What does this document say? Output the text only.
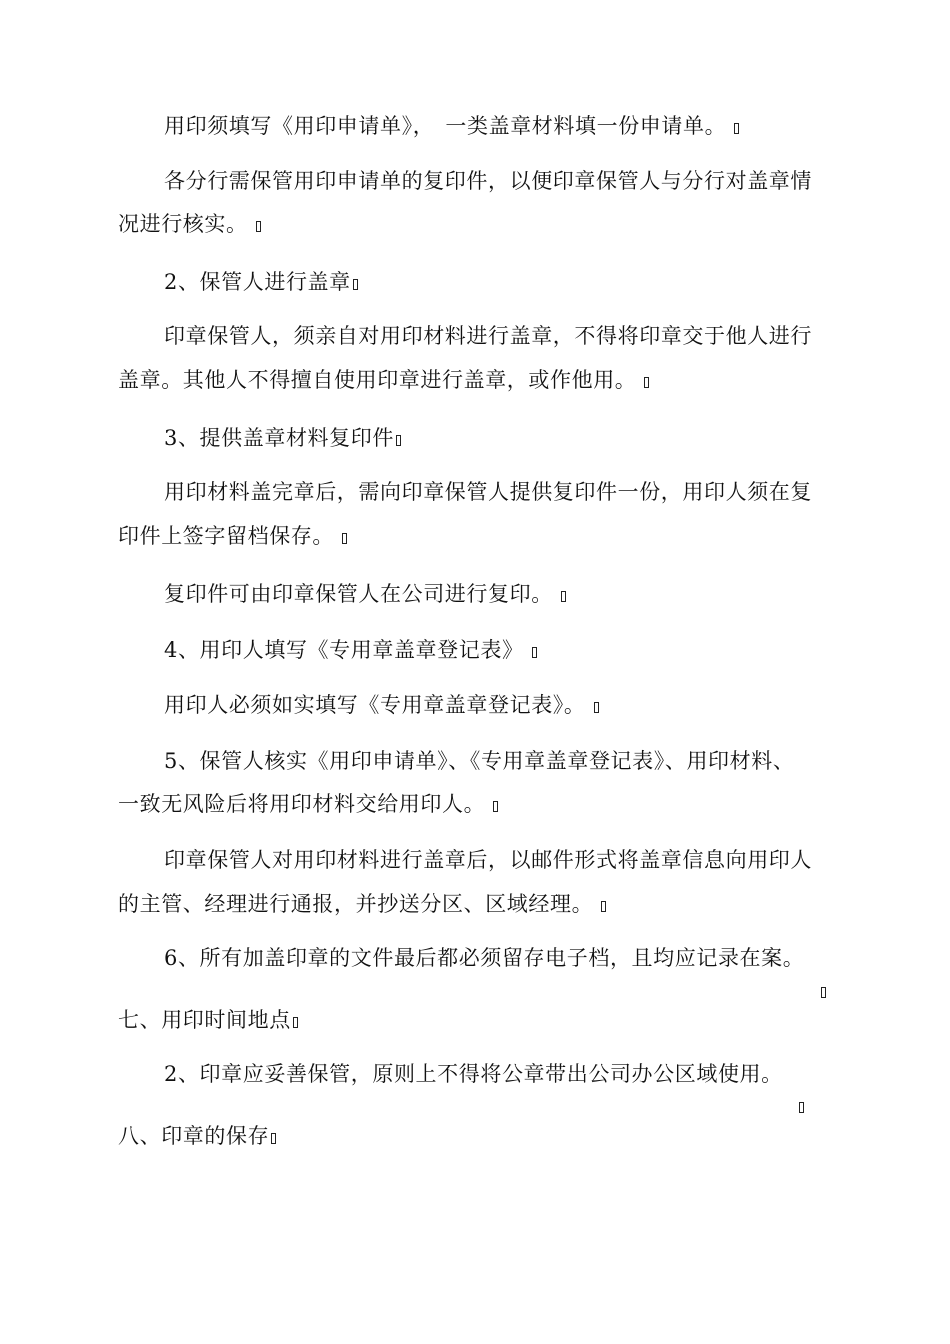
用印须填写《用印申请单》，　一类盖章材料填一份申请单。
各分行需保管用印申请单的复印件，以便印章保管人与分行对盖章情
况进行核实。
2、保管人进行盖章
印章保管人，须亲自对用印材料进行盖章，不得将印章交于他人进行
盖章。其他人不得擅自使用印章进行盖章，或作他用。
3、提供盖章材料复印件
用印材料盖完章后，需向印章保管人提供复印件一份，用印人须在复
印件上签字留档保存。
复印件可由印章保管人在公司进行复印。
4、用印人填写《专用章盖章登记表》
用印人必须如实填写《专用章盖章登记表》。
5、保管人核实《用印申请单》、《专用章盖章登记表》、用印材料、
一致无风险后将用印材料交给用印人。
印章保管人对用印材料进行盖章后，以邮件形式将盖章信息向用印人
的主管、经理进行通报，并抄送分区、区域经理。
6、所有加盖印章的文件最后都必须留存电子档，且均应记录在案。
七、用印时间地点
2、印章应妥善保管，原则上不得将公章带出公司办公区域使用。
八、印章的保存
